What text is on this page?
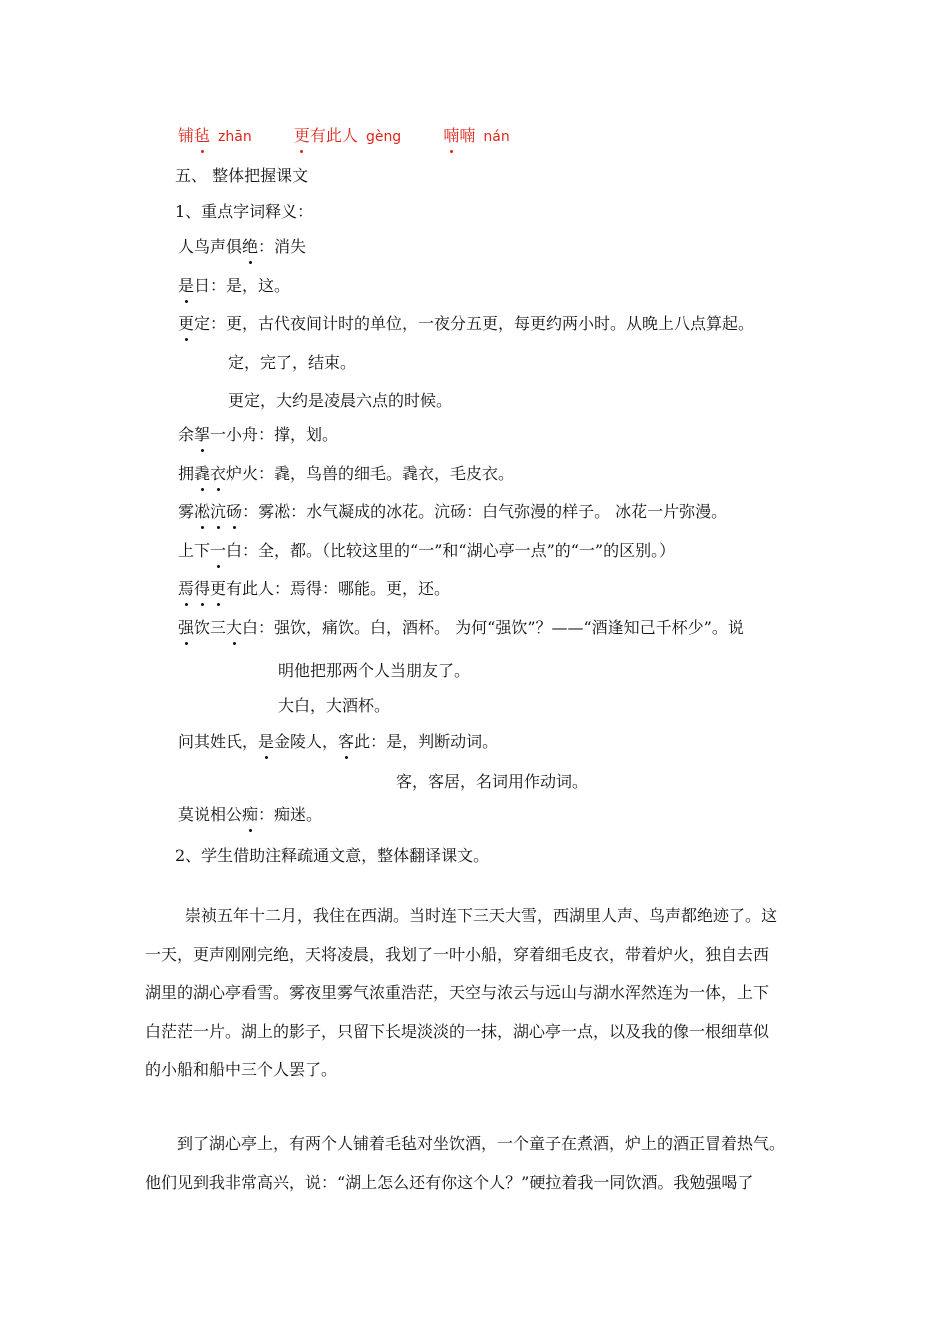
铺毡 zhān	更有此人 gèng	喃喃 nán
五、 整体把握课文
1、重点字词释义：
人鸟声俱绝：消失
是日：是，这。
更定：更，古代夜间计时的单位，一夜分五更，每更约两小时。从晚上八点算起。
定，完了，结束。
更定，大约是凌晨六点的时候。
余挐一小舟：撑，划。
拥毳衣炉火：毳，鸟兽的细毛。毳衣，毛皮衣。
雾凇沆砀：雾凇：水气凝成的冰花。沆砀：白气弥漫的样子。 冰花一片弥漫。
上下一白：全，都。（比较这里的“一”和“湖心亭一点”的“一”的区别。）
焉得更有此人：焉得：哪能。更，还。
强饮三大白：强饮，痛饮。白，酒杯。 为何“强饮”？——“酒逢知己千杯少”。说
明他把那两个人当朋友了。
大白，大酒杯。
问其姓氏，是金陵人，客此：是，判断动词。
客，客居，名词用作动词。
莫说相公痴：痴迷。
2、学生借助注释疏通文意，整体翻译课文。
崇祯五年十二月，我住在西湖。当时连下三天大雪，西湖里人声、鸟声都绝迹了。这
一天，更声刚刚完绝，天将凌晨，我划了一叶小船，穿着细毛皮衣，带着炉火，独自去西
湖里的湖心亭看雪。雾夜里雾气浓重浩茫，天空与浓云与远山与湖水浑然连为一体，上下
白茫茫一片。湖上的影子，只留下长堤淡淡的一抹，湖心亭一点，以及我的像一根细草似
的小船和船中三个人罢了。
到了湖心亭上，有两个人铺着毛毡对坐饮酒，一个童子在煮酒，炉上的酒正冒着热气。
他们见到我非常高兴，说：“湖上怎么还有你这个人？”硬拉着我一同饮酒。我勉强喝了
